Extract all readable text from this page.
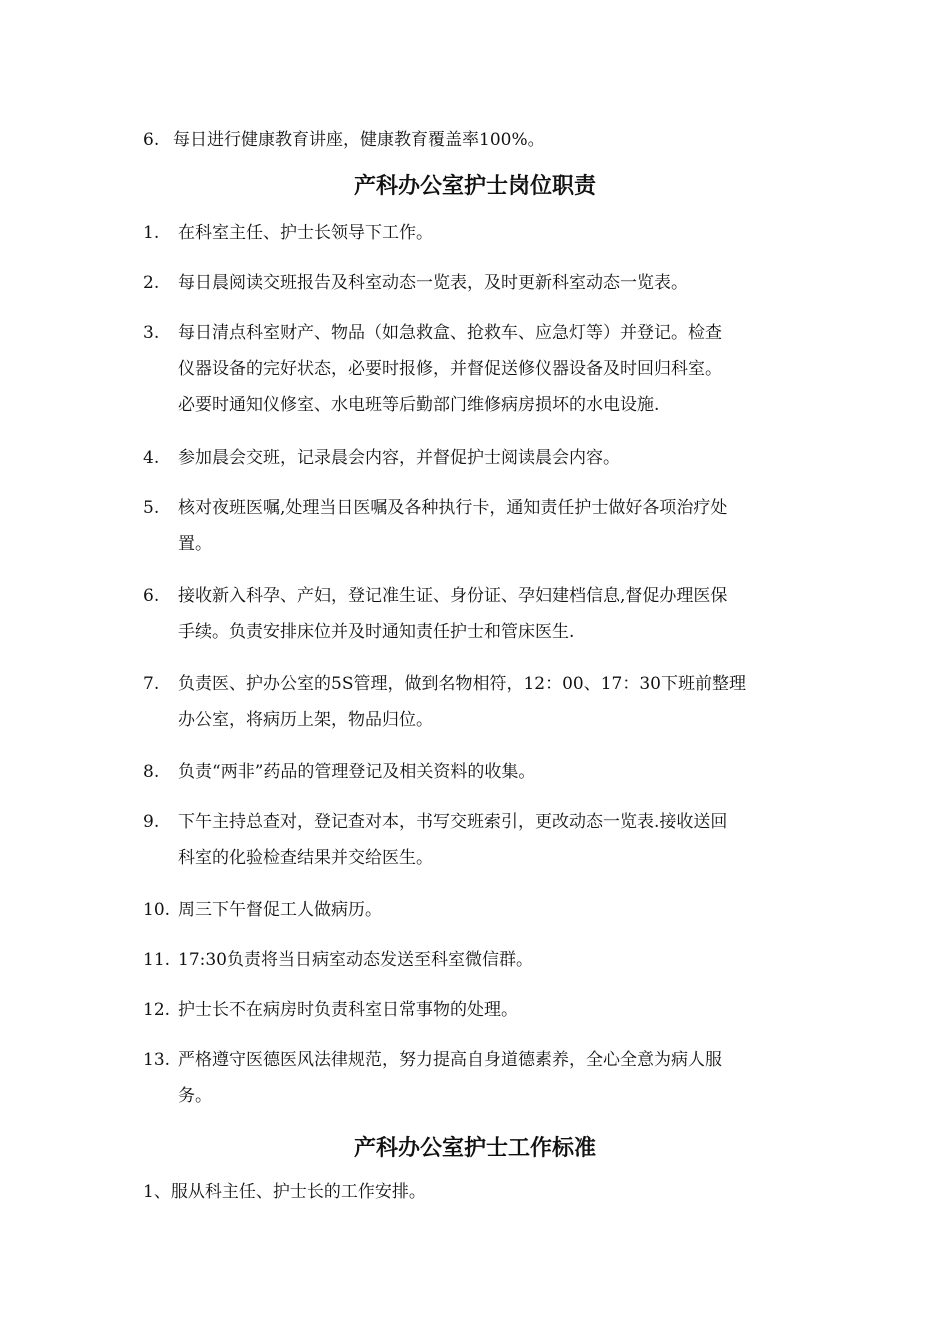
6. 每日进行健康教育讲座，健康教育覆盖率100%。
产科办公室护士岗位职责
1. 在科室主任、护士长领导下工作。
2. 每日晨阅读交班报告及科室动态一览表，及时更新科室动态一览表。
3. 每日清点科室财产、物品（如急救盒、抢救车、应急灯等）并登记。检查
仪器设备的完好状态，必要时报修，并督促送修仪器设备及时回归科室。
必要时通知仪修室、水电班等后勤部门维修病房损坏的水电设施.
4. 参加晨会交班，记录晨会内容，并督促护士阅读晨会内容。
5. 核对夜班医嘱,处理当日医嘱及各种执行卡，通知责任护士做好各项治疗处
置。
6. 接收新入科孕、产妇，登记准生证、身份证、孕妇建档信息,督促办理医保
手续。负责安排床位并及时通知责任护士和管床医生.
7. 负责医、护办公室的5S管理，做到名物相符，12：00、17：30下班前整理
办公室，将病历上架，物品归位。
8. 负责“两非”药品的管理登记及相关资料的收集。
9. 下午主持总查对，登记查对本，书写交班索引，更改动态一览表.接收送回
科室的化验检查结果并交给医生。
10. 周三下午督促工人做病历。
11. 17:30负责将当日病室动态发送至科室微信群。
12. 护士长不在病房时负责科室日常事物的处理。
13. 严格遵守医德医风法律规范，努力提高自身道德素养，全心全意为病人服
务。
产科办公室护士工作标准
1、服从科主任、护士长的工作安排。
